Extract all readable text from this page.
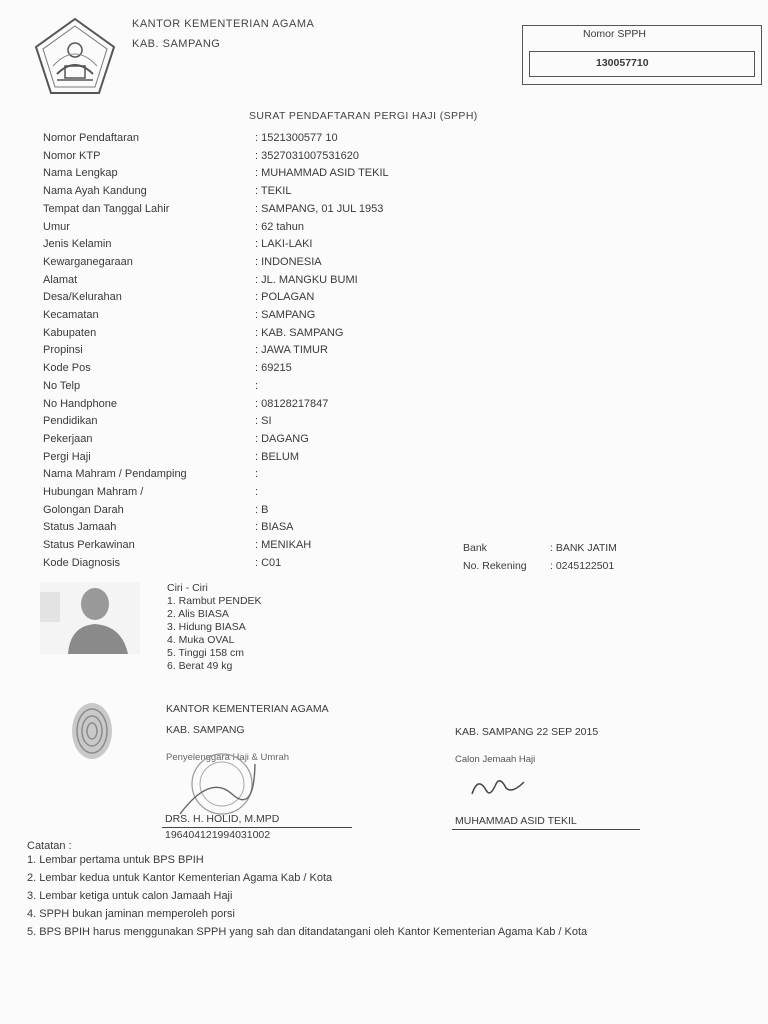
KANTOR KEMENTERIAN AGAMA
KAB. SAMPANG
Nomor SPPH
130057710
SURAT PENDAFTARAN PERGI HAJI (SPPH)
Nomor Pendaftaran	: 1521300577 10
Nomor KTP	: 3527031007531620
Nama Lengkap	: MUHAMMAD ASID TEKIL
Nama Ayah Kandung	: TEKIL
Tempat dan Tanggal Lahir	: SAMPANG, 01 JUL 1953
Umur	: 62 tahun
Jenis Kelamin	: LAKI-LAKI
Kewarganegaraan	: INDONESIA
Alamat	: JL. MANGKU BUMI
Desa/Kelurahan	: POLAGAN
Kecamatan	: SAMPANG
Kabupaten	: KAB. SAMPANG
Propinsi	: JAWA TIMUR
Kode Pos	: 69215
No Telp	:
No Handphone	: 08128217847
Pendidikan	: SI
Pekerjaan	: DAGANG
Pergi Haji	: BELUM
Nama Mahram / Pendamping	:
Hubungan Mahram /	:
Golongan Darah	: B
Status Jamaah	: BIASA
Status Perkawinan	: MENIKAH
Kode Diagnosis	: C01
Bank	: BANK JATIM
No. Rekening : 0245122501
Ciri - Ciri
1. Rambut PENDEK
2. Alis BIASA
3. Hidung BIASA
4. Muka OVAL
5. Tinggi 158 cm
6. Berat 49 kg
KANTOR KEMENTERIAN AGAMA
KAB. SAMPANG
Penyelenggara Haji & Umrah
DRS. H. HOLID, M.MPD
196404121994031002
KAB. SAMPANG 22 SEP 2015
Calon Jemaah Haji
MUHAMMAD ASID TEKIL
Catatan :
1. Lembar pertama untuk BPS BPIH
2. Lembar kedua untuk Kantor Kementerian Agama Kab / Kota
3. Lembar ketiga untuk calon Jamaah Haji
4. SPPH bukan jaminan memperoleh porsi
5. BPS BPIH harus menggunakan SPPH yang sah dan ditandatangani oleh Kantor Kementerian Agama Kab / Kota
